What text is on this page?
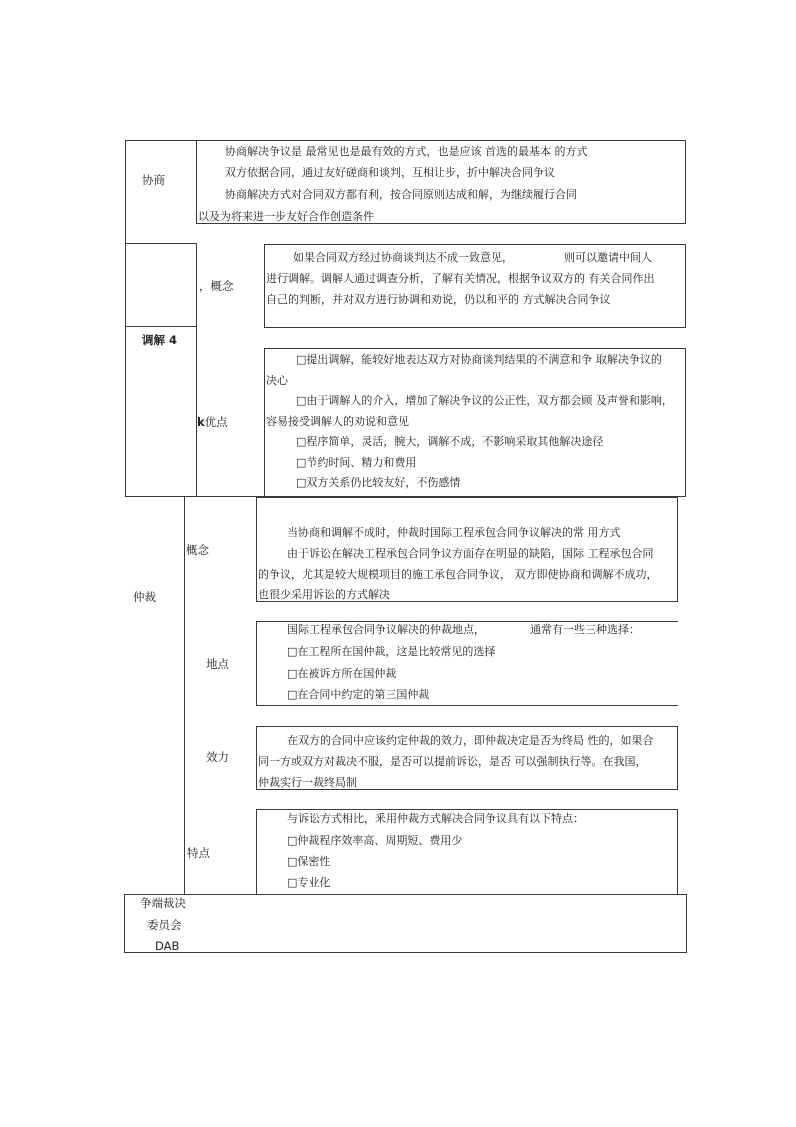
协商
协商解决争议是 最常见也是最有效的方式，也是应该 首选的最基本 的方式
双方依据合同，通过友好磋商和谈判，互相让步，折中解决合同争议
协商解决方式对合同双方都有利，按合同原则达成和解，为继续履行合同
以及为将来进一步友好合作创造条件
调解 4
，概念
如果合同双方经过协商谈判达不成一致意见，	则可以邀请中间人
进行调解。调解人通过调查分析，了解有关情况，根据争议双方的 有关合同作出
自己的判断，并对双方进行协调和劝说，仍以和平的 方式解决合同争议
k优点
□提出调解，能较好地表达双方对协商谈判结果的不满意和争 取解决争议的
决心
□由于调解人的介入，增加了解决争议的公正性，双方都会顾 及声誉和影响，
容易接受调解人的劝说和意见
□程序简单，灵活，腕大，调解不成，不影响采取其他解决途径
□节约时间、精力和费用
□双方关系仍比较友好，不伤感情
仲裁
概念
当协商和调解不成时，仲裁时国际工程承包合同争议解决的常 用方式
由于诉讼在解决工程承包合同争议方面存在明显的缺陷，国际 工程承包合同
的争议，尤其是较大规模项目的施工承包合同争议， 双方即使协商和调解不成功，
也很少采用诉讼的方式解决
地点
国际工程承包合同争议解决的仲裁地点，	通常有一些三种选择：
□在工程所在国仲裁，这是比较常见的选择
□在被诉方所在国仲裁
□在合同中约定的第三国仲裁
效力
在双方的合同中应该约定仲裁的效力，即仲裁决定是否为终局 性的，如果合
同一方或双方对裁决不服，是否可以提前诉讼，是否 可以强制执行等。在我国，
仲裁实行一裁终局制
特点
与诉讼方式相比，釆用仲裁方式解决合同争议具有以下特点：
□仲裁程序效率高、周期短、费用少
□保密性
□专业化
争端裁决
委员会
DAB
